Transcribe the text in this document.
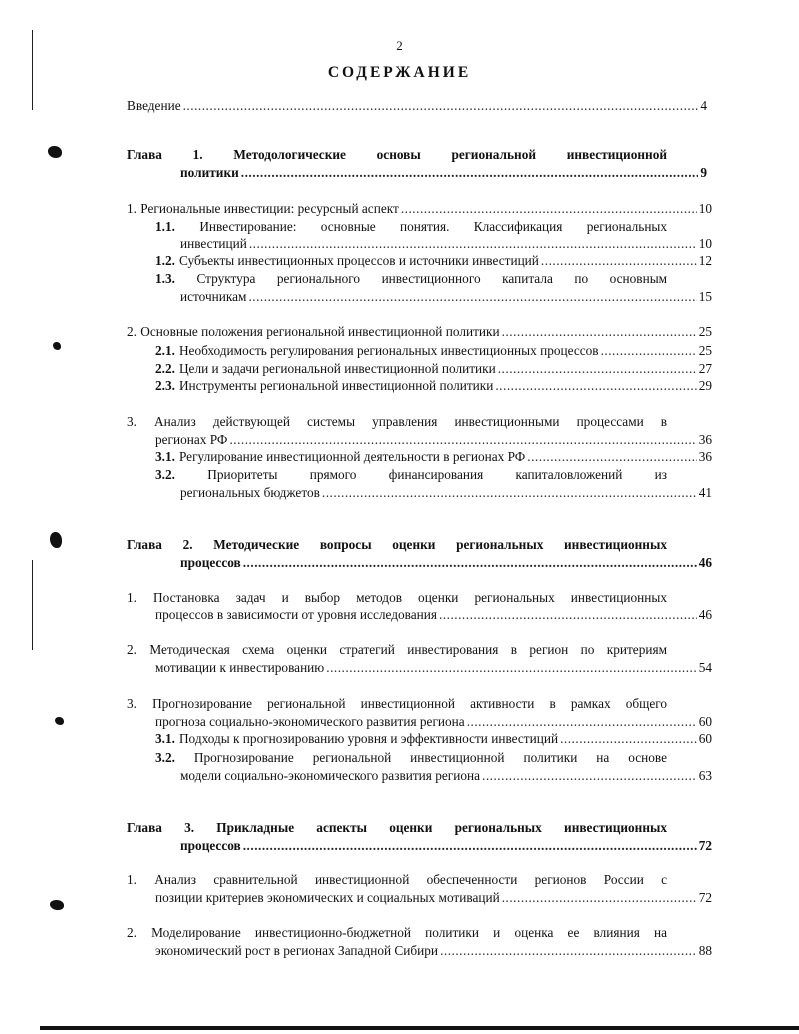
2
СОДЕРЖАНИЕ
Введение .....	4
Глава 1. Методологические основы региональной инвестиционной
политики .....	9
1. Региональные инвестиции: ресурсный аспект .....	10
1.1. Инвестирование: основные понятия. Классификация региональных
инвестиций .....	10
1.2. Субъекты инвестиционных процессов и источники инвестиций .....	12
1.3. Структура регионального инвестиционного капитала по основным
источникам .....	15
2. Основные положения региональной инвестиционной политики .....	25
2.1. Необходимость регулирования региональных инвестиционных процессов .....	25
2.2. Цели и задачи региональной инвестиционной политики .....	27
2.3. Инструменты региональной инвестиционной политики .....	29
3. Анализ действующей системы управления инвестиционными процессами в
регионах РФ .....	36
3.1. Регулирование инвестиционной деятельности в регионах РФ .....	36
3.2. Приоритеты прямого финансирования капиталовложений из
региональных бюджетов .....	41
Глава 2. Методические вопросы оценки региональных инвестиционных
процессов .....	46
1. Постановка задач и выбор методов оценки региональных инвестиционных
процессов в зависимости от уровня исследования .....	46
2. Методическая схема оценки стратегий инвестирования в регион по критериям
мотивации к инвестированию .....	54
3. Прогнозирование региональной инвестиционной активности в рамках общего
прогноза социально-экономического развития региона .....	60
3.1. Подходы к прогнозированию уровня и эффективности инвестиций .....	60
3.2. Прогнозирование региональной инвестиционной политики на основе
модели социально-экономического развития региона .....	63
Глава 3. Прикладные аспекты оценки региональных инвестиционных
процессов .....	72
1. Анализ сравнительной инвестиционной обеспеченности регионов России с
позиции критериев экономических и социальных мотиваций .....	72
2. Моделирование инвестиционно-бюджетной политики и оценка ее влияния на
экономический рост в регионах Западной Сибири .....	88
